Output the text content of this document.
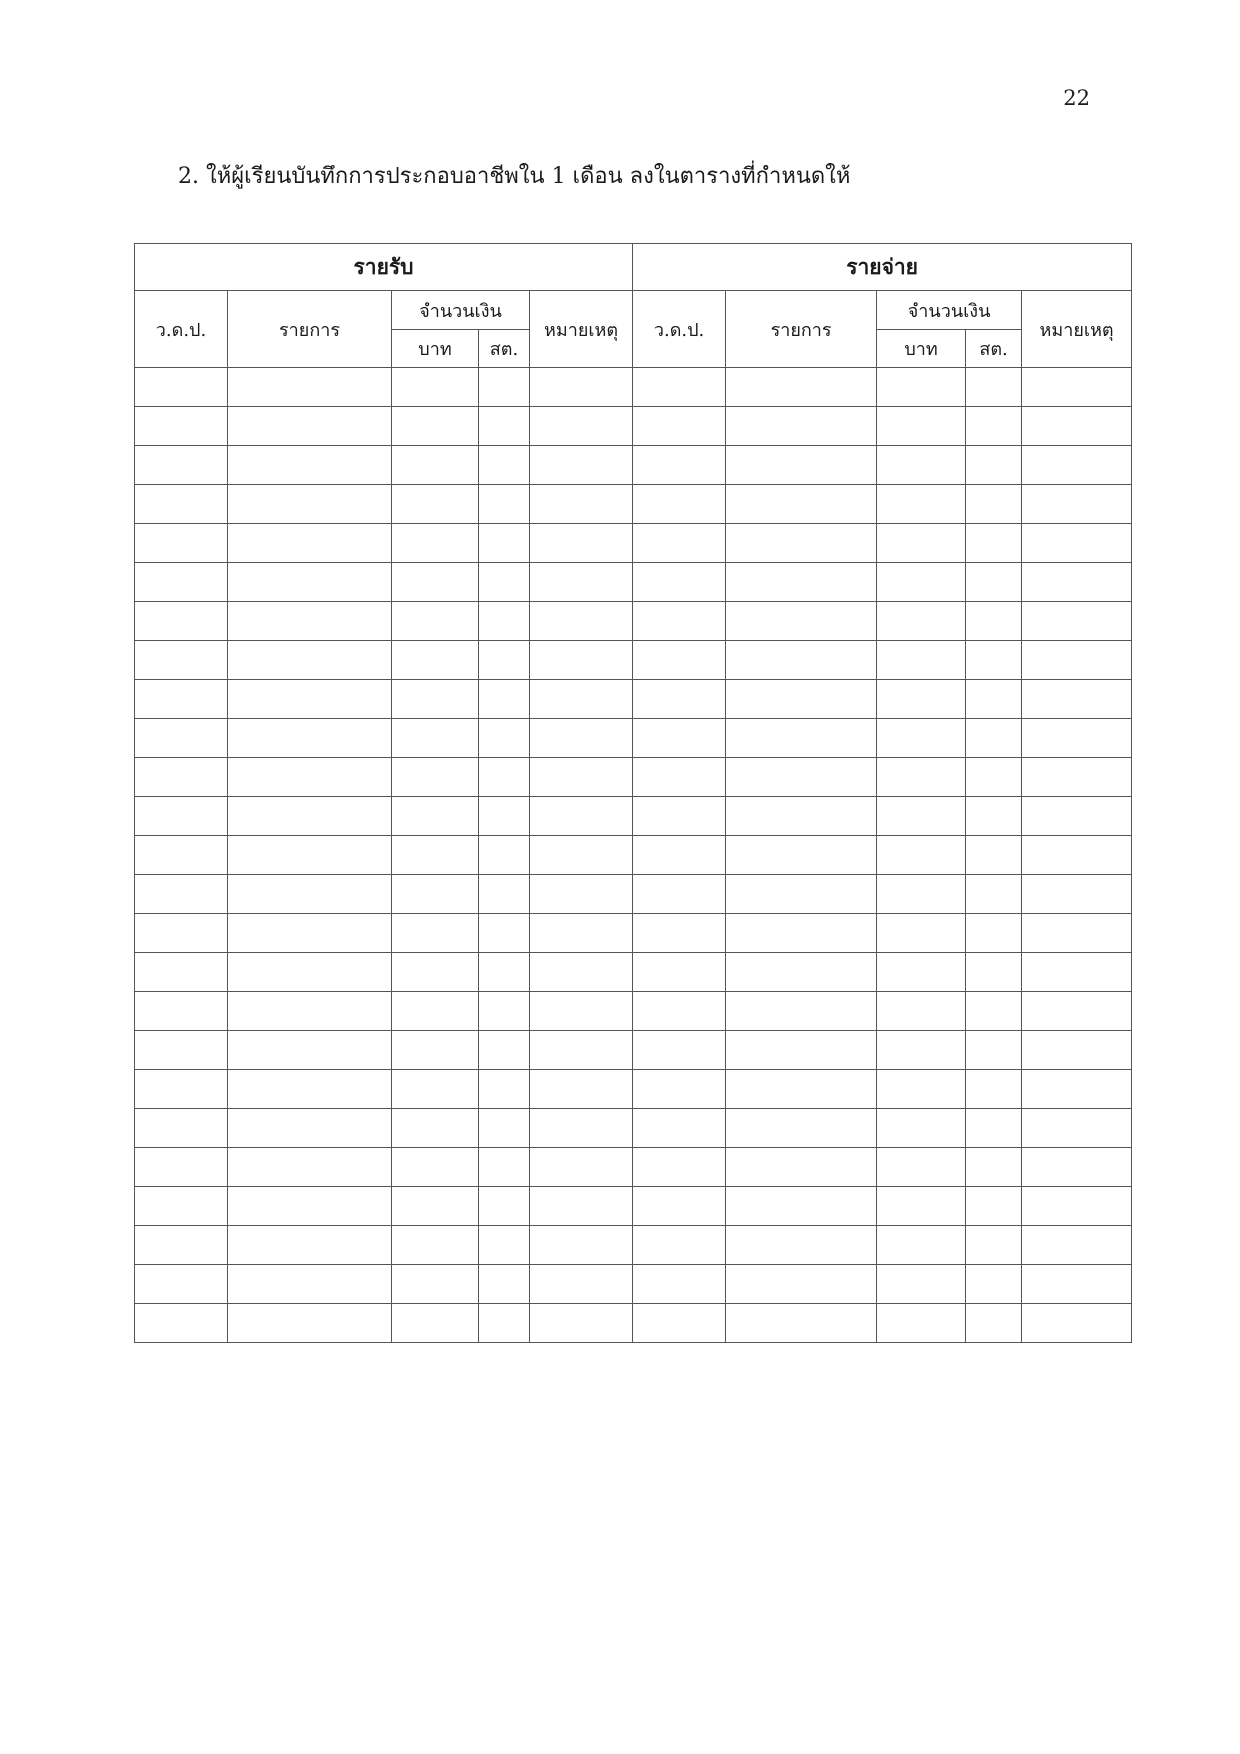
22
2. ให้ผู้เรียนบันทึกการประกอบอาชีพใน 1 เดือน ลงในตารางที่กำหนดให้
รายรับ					รายจ่าย				
ว.ด.ป.	รายการ	จำนวนเงิน		หมายเหตุ	ว.ด.ป.	รายการ	จำนวนเงิน		หมายเหตุ
		บาท	สต.				บาท	สต.	
